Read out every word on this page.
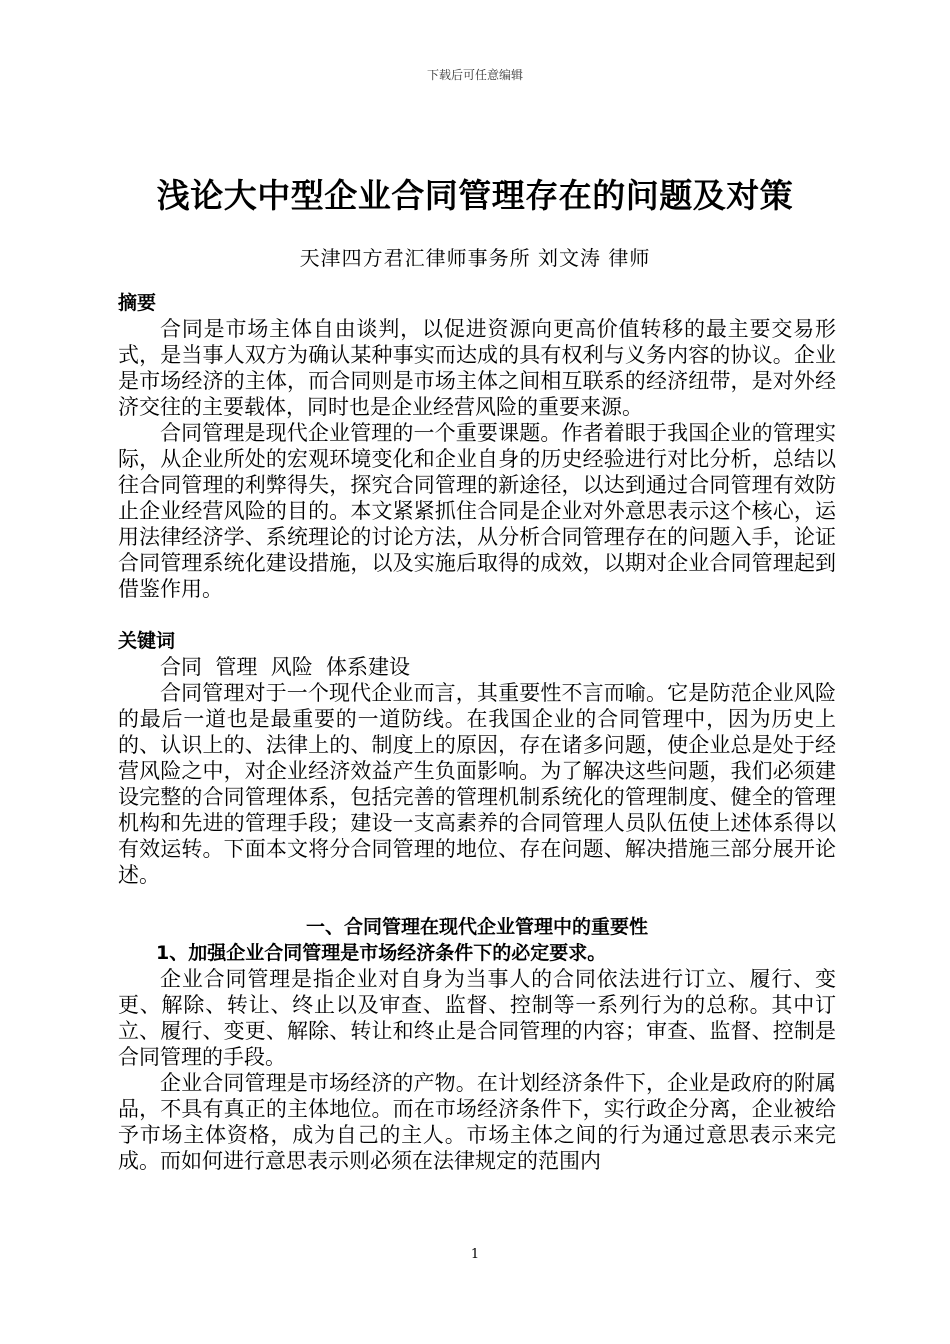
下载后可任意编辑
浅论大中型企业合同管理存在的问题及对策
天津四方君汇律师事务所 刘文涛 律师

摘要

合同是市场主体自由谈判，以促进资源向更高价值转移的最主要交易形式，是当事人双方为确认某种事实而达成的具有权利与义务内容的协议。企业是市场经济的主体，而合同则是市场主体之间相互联系的经济纽带，是对外经济交往的主要载体，同时也是企业经营风险的重要来源。

合同管理是现代企业管理的一个重要课题。作者着眼于我国企业的管理实际，从企业所处的宏观环境变化和企业自身的历史经验进行对比分析，总结以往合同管理的利弊得失，探究合同管理的新途径，以达到通过合同管理有效防止企业经营风险的目的。本文紧紧抓住合同是企业对外意思表示这个核心，运用法律经济学、系统理论的讨论方法，从分析合同管理存在的问题入手，论证合同管理系统化建设措施，以及实施后取得的成效，以期对企业合同管理起到借鉴作用。

关键词

合同  管理  风险  体系建设

合同管理对于一个现代企业而言，其重要性不言而喻。它是防范企业风险的最后一道也是最重要的一道防线。在我国企业的合同管理中，因为历史上的、认识上的、法律上的、制度上的原因，存在诸多问题，使企业总是处于经营风险之中，对企业经济效益产生负面影响。为了解决这些问题，我们必须建设完整的合同管理体系，包括完善的管理机制系统化的管理制度、健全的管理机构和先进的管理手段；建设一支高素养的合同管理人员队伍使上述体系得以有效运转。下面本文将分合同管理的地位、存在问题、解决措施三部分展开论述。

一、合同管理在现代企业管理中的重要性

1、加强企业合同管理是市场经济条件下的必定要求。

企业合同管理是指企业对自身为当事人的合同依法进行订立、履行、变更、解除、转让、终止以及审查、监督、控制等一系列行为的总称。其中订立、履行、变更、解除、转让和终止是合同管理的内容；审查、监督、控制是合同管理的手段。

企业合同管理是市场经济的产物。在计划经济条件下，企业是政府的附属品，不具有真正的主体地位。而在市场经济条件下，实行政企分离，企业被给予市场主体资格，成为自己的主人。市场主体之间的行为通过意思表示来完成。而如何进行意思表示则必须在法律规定的范围内

1
